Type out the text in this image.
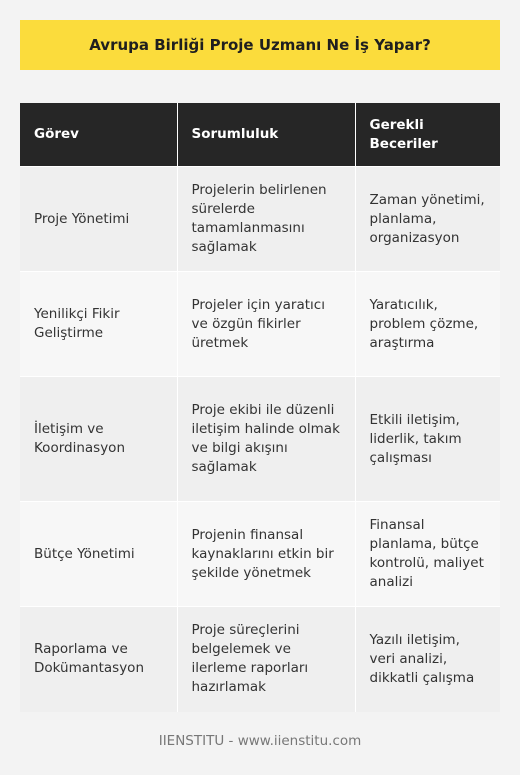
Avrupa Birliği Proje Uzmanı Ne İş Yapar?
Görev	Sorumluluk	Gerekli Beceriler
Proje Yönetimi	Projelerin belirlenen sürelerde tamamlanmasını sağlamak	Zaman yönetimi, planlama, organizasyon
Yenilikçi Fikir Geliştirme	Projeler için yaratıcı ve özgün fikirler üretmek	Yaratıcılık, problem çözme, araştırma
İletişim ve Koordinasyon	Proje ekibi ile düzenli iletişim halinde olmak ve bilgi akışını sağlamak	Etkili iletişim, liderlik, takım çalışması
Bütçe Yönetimi	Projenin finansal kaynaklarını etkin bir şekilde yönetmek	Finansal planlama, bütçe kontrolü, maliyet analizi
Raporlama ve Dokümantasyon	Proje süreçlerini belgelemek ve ilerleme raporları hazırlamak	Yazılı iletişim, veri analizi, dikkatli çalışma
IIENSTITU - www.iienstitu.com
